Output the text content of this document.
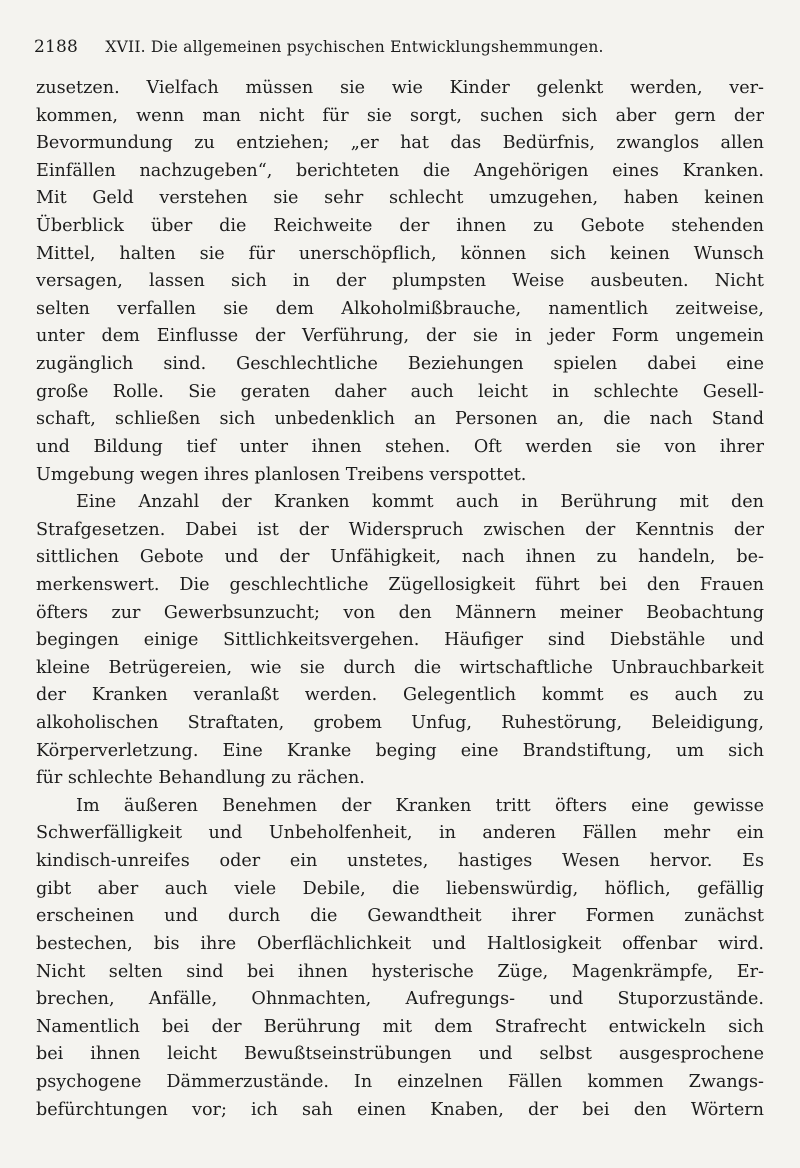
2188 XVII. Die allgemeinen psychischen Entwicklungshemmungen.
zusetzen. Vielfach müssen sie wie Kinder gelenkt werden, ver-
kommen, wenn man nicht für sie sorgt, suchen sich aber gern der
Bevormundung zu entziehen; „er hat das Bedürfnis, zwanglos allen
Einfällen nachzugeben“, berichteten die Angehörigen eines Kranken.
Mit Geld verstehen sie sehr schlecht umzugehen, haben keinen
Überblick über die Reichweite der ihnen zu Gebote stehenden
Mittel, halten sie für unerschöpflich, können sich keinen Wunsch
versagen, lassen sich in der plumpsten Weise ausbeuten. Nicht
selten verfallen sie dem Alkoholmißbrauche, namentlich zeitweise,
unter dem Einflusse der Verführung, der sie in jeder Form ungemein
zugänglich sind. Geschlechtliche Beziehungen spielen dabei eine
große Rolle. Sie geraten daher auch leicht in schlechte Gesell-
schaft, schließen sich unbedenklich an Personen an, die nach Stand
und Bildung tief unter ihnen stehen. Oft werden sie von ihrer
Umgebung wegen ihres planlosen Treibens verspottet.
Eine Anzahl der Kranken kommt auch in Berührung mit den
Strafgesetzen. Dabei ist der Widerspruch zwischen der Kenntnis der
sittlichen Gebote und der Unfähigkeit, nach ihnen zu handeln, be-
merkenswert. Die geschlechtliche Zügellosigkeit führt bei den Frauen
öfters zur Gewerbsunzucht; von den Männern meiner Beobachtung
begingen einige Sittlichkeitsvergehen. Häufiger sind Diebstähle und
kleine Betrügereien, wie sie durch die wirtschaftliche Unbrauchbarkeit
der Kranken veranlaßt werden. Gelegentlich kommt es auch zu
alkoholischen Straftaten, grobem Unfug, Ruhestörung, Beleidigung,
Körperverletzung. Eine Kranke beging eine Brandstiftung, um sich
für schlechte Behandlung zu rächen.
Im äußeren Benehmen der Kranken tritt öfters eine gewisse
Schwerfälligkeit und Unbeholfenheit, in anderen Fällen mehr ein
kindisch-unreifes oder ein unstetes, hastiges Wesen hervor. Es
gibt aber auch viele Debile, die liebenswürdig, höflich, gefällig
erscheinen und durch die Gewandtheit ihrer Formen zunächst
bestechen, bis ihre Oberflächlichkeit und Haltlosigkeit offenbar wird.
Nicht selten sind bei ihnen hysterische Züge, Magenkrämpfe, Er-
brechen, Anfälle, Ohnmachten, Aufregungs- und Stuporzustände.
Namentlich bei der Berührung mit dem Strafrecht entwickeln sich
bei ihnen leicht Bewußtseinstrübungen und selbst ausgesprochene
psychogene Dämmerzustände. In einzelnen Fällen kommen Zwangs-
befürchtungen vor; ich sah einen Knaben, der bei den Wörtern
